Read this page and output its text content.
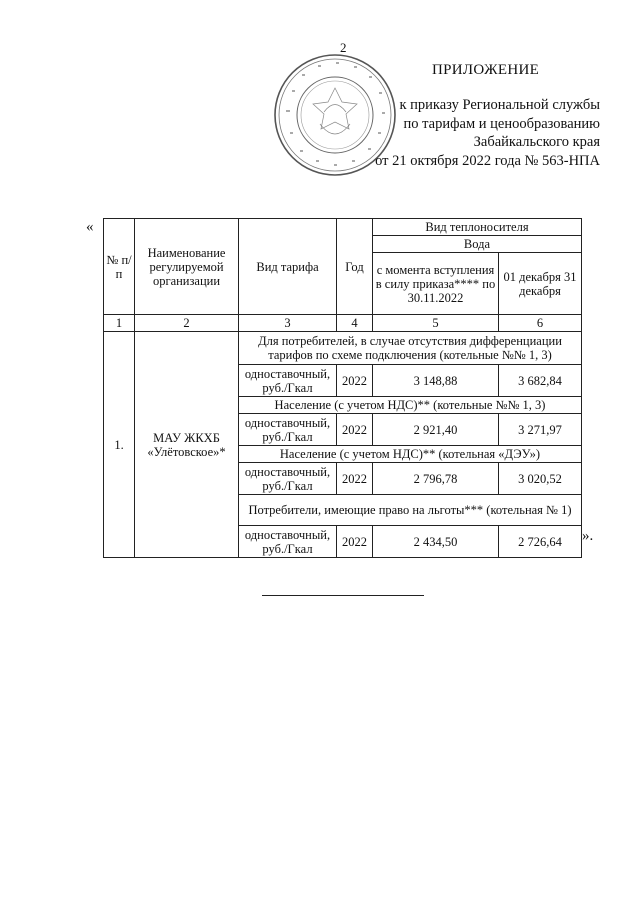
2
ПРИЛОЖЕНИЕ
к приказу Региональной службы
по тарифам и ценообразованию
Забайкальского края
от 21 октября 2022 года № 563-НПА
«
№ п/п	Наименование регулируемой организации	Вид тарифа	Год	Вид теплоносителя	
				Вода	
				с момента вступления в силу приказа**** по 30.11.2022	01 декабря 31 декабря
1	2	3	4	5	6
1.	МАУ ЖКХБ «Улётовское»*	Для потребителей, в случае отсутствия дифференциации тарифов по схеме подключения (котельные №№ 1, 3)			
		одноставочный, руб./Гкал	2022	3 148,88	3 682,84
		Население (с учетом НДС)** (котельные №№ 1, 3)			
		одноставочный, руб./Гкал	2022	2 921,40	3 271,97
		Население (с учетом НДС)** (котельная «ДЭУ»)			
		одноставочный, руб./Гкал	2022	2 796,78	3 020,52
		Потребители, имеющие право на льготы*** (котельная № 1)			
		одноставочный, руб./Гкал	2022	2 434,50	2 726,64 ».
